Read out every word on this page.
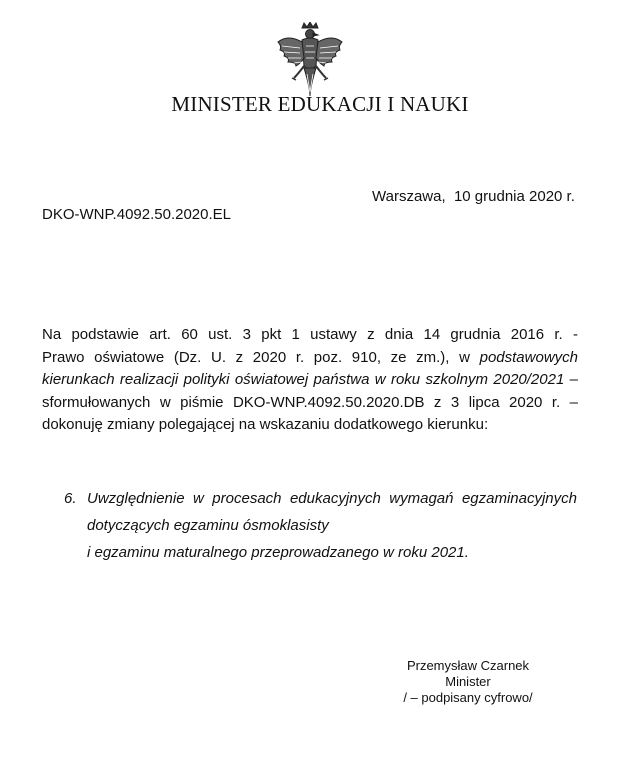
MINISTER EDUKACJI I NAUKI
Warszawa,  10 grudnia 2020 r.
DKO-WNP.4092.50.2020.EL
Na podstawie art. 60 ust. 3 pkt 1 ustawy z dnia 14 grudnia 2016 r. -
Prawo oświatowe (Dz. U. z 2020 r. poz. 910, ze zm.), w podstawowych
kierunkach realizacji polityki oświatowej państwa w roku szkolnym 2020/2021 –
sformułowanych w piśmie DKO-WNP.4092.50.2020.DB z 3 lipca 2020 r. –
dokonuję zmiany polegającej na wskazaniu dodatkowego kierunku:
6. Uwzględnienie w procesach edukacyjnych wymagań egzaminacyjnych
dotyczących egzaminu ósmoklasisty
i egzaminu maturalnego przeprowadzanego w roku 2021.
Przemysław Czarnek
Minister
/ – podpisany cyfrowo/
